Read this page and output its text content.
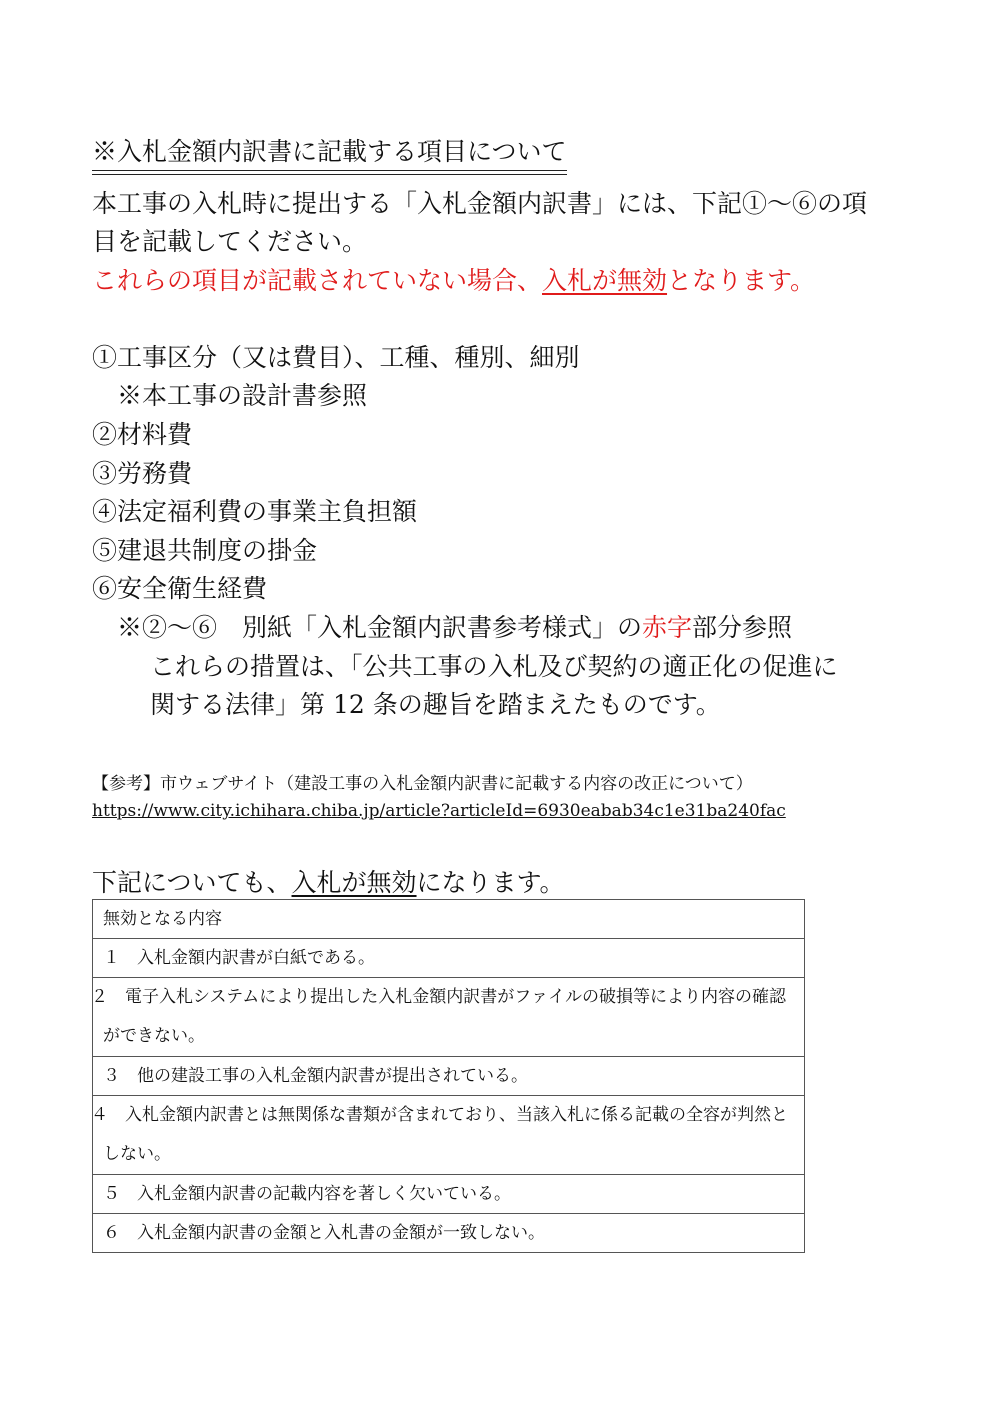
※入札金額内訳書に記載する項目について
本工事の入札時に提出する「入札金額内訳書」には、下記①～⑥の項
目を記載してください。
これらの項目が記載されていない場合、入札が無効となります。
①工事区分（又は費目）、工種、種別、細別
　※本工事の設計書参照
②材料費
③労務費
④法定福利費の事業主負担額
⑤建退共制度の掛金
⑥安全衛生経費
　※②～⑥　別紙「入札金額内訳書参考様式」の赤字部分参照
これらの措置は、「公共工事の入札及び契約の適正化の促進に
関する法律」第 12 条の趣旨を踏まえたものです。
【参考】市ウェブサイト（建設工事の入札金額内訳書に記載する内容の改正について）
https://www.city.ichihara.chiba.jp/article?articleId=6930eabab34c1e31ba240fac
下記についても、入札が無効になります。
無効となる内容
１　入札金額内訳書が白紙である。
２　電子入札システムにより提出した入札金額内訳書がファイルの破損等により内容の確認ができない。
３　他の建設工事の入札金額内訳書が提出されている。
４　入札金額内訳書とは無関係な書類が含まれており、当該入札に係る記載の全容が判然としない。
５　入札金額内訳書の記載内容を著しく欠いている。
６　入札金額内訳書の金額と入札書の金額が一致しない。
